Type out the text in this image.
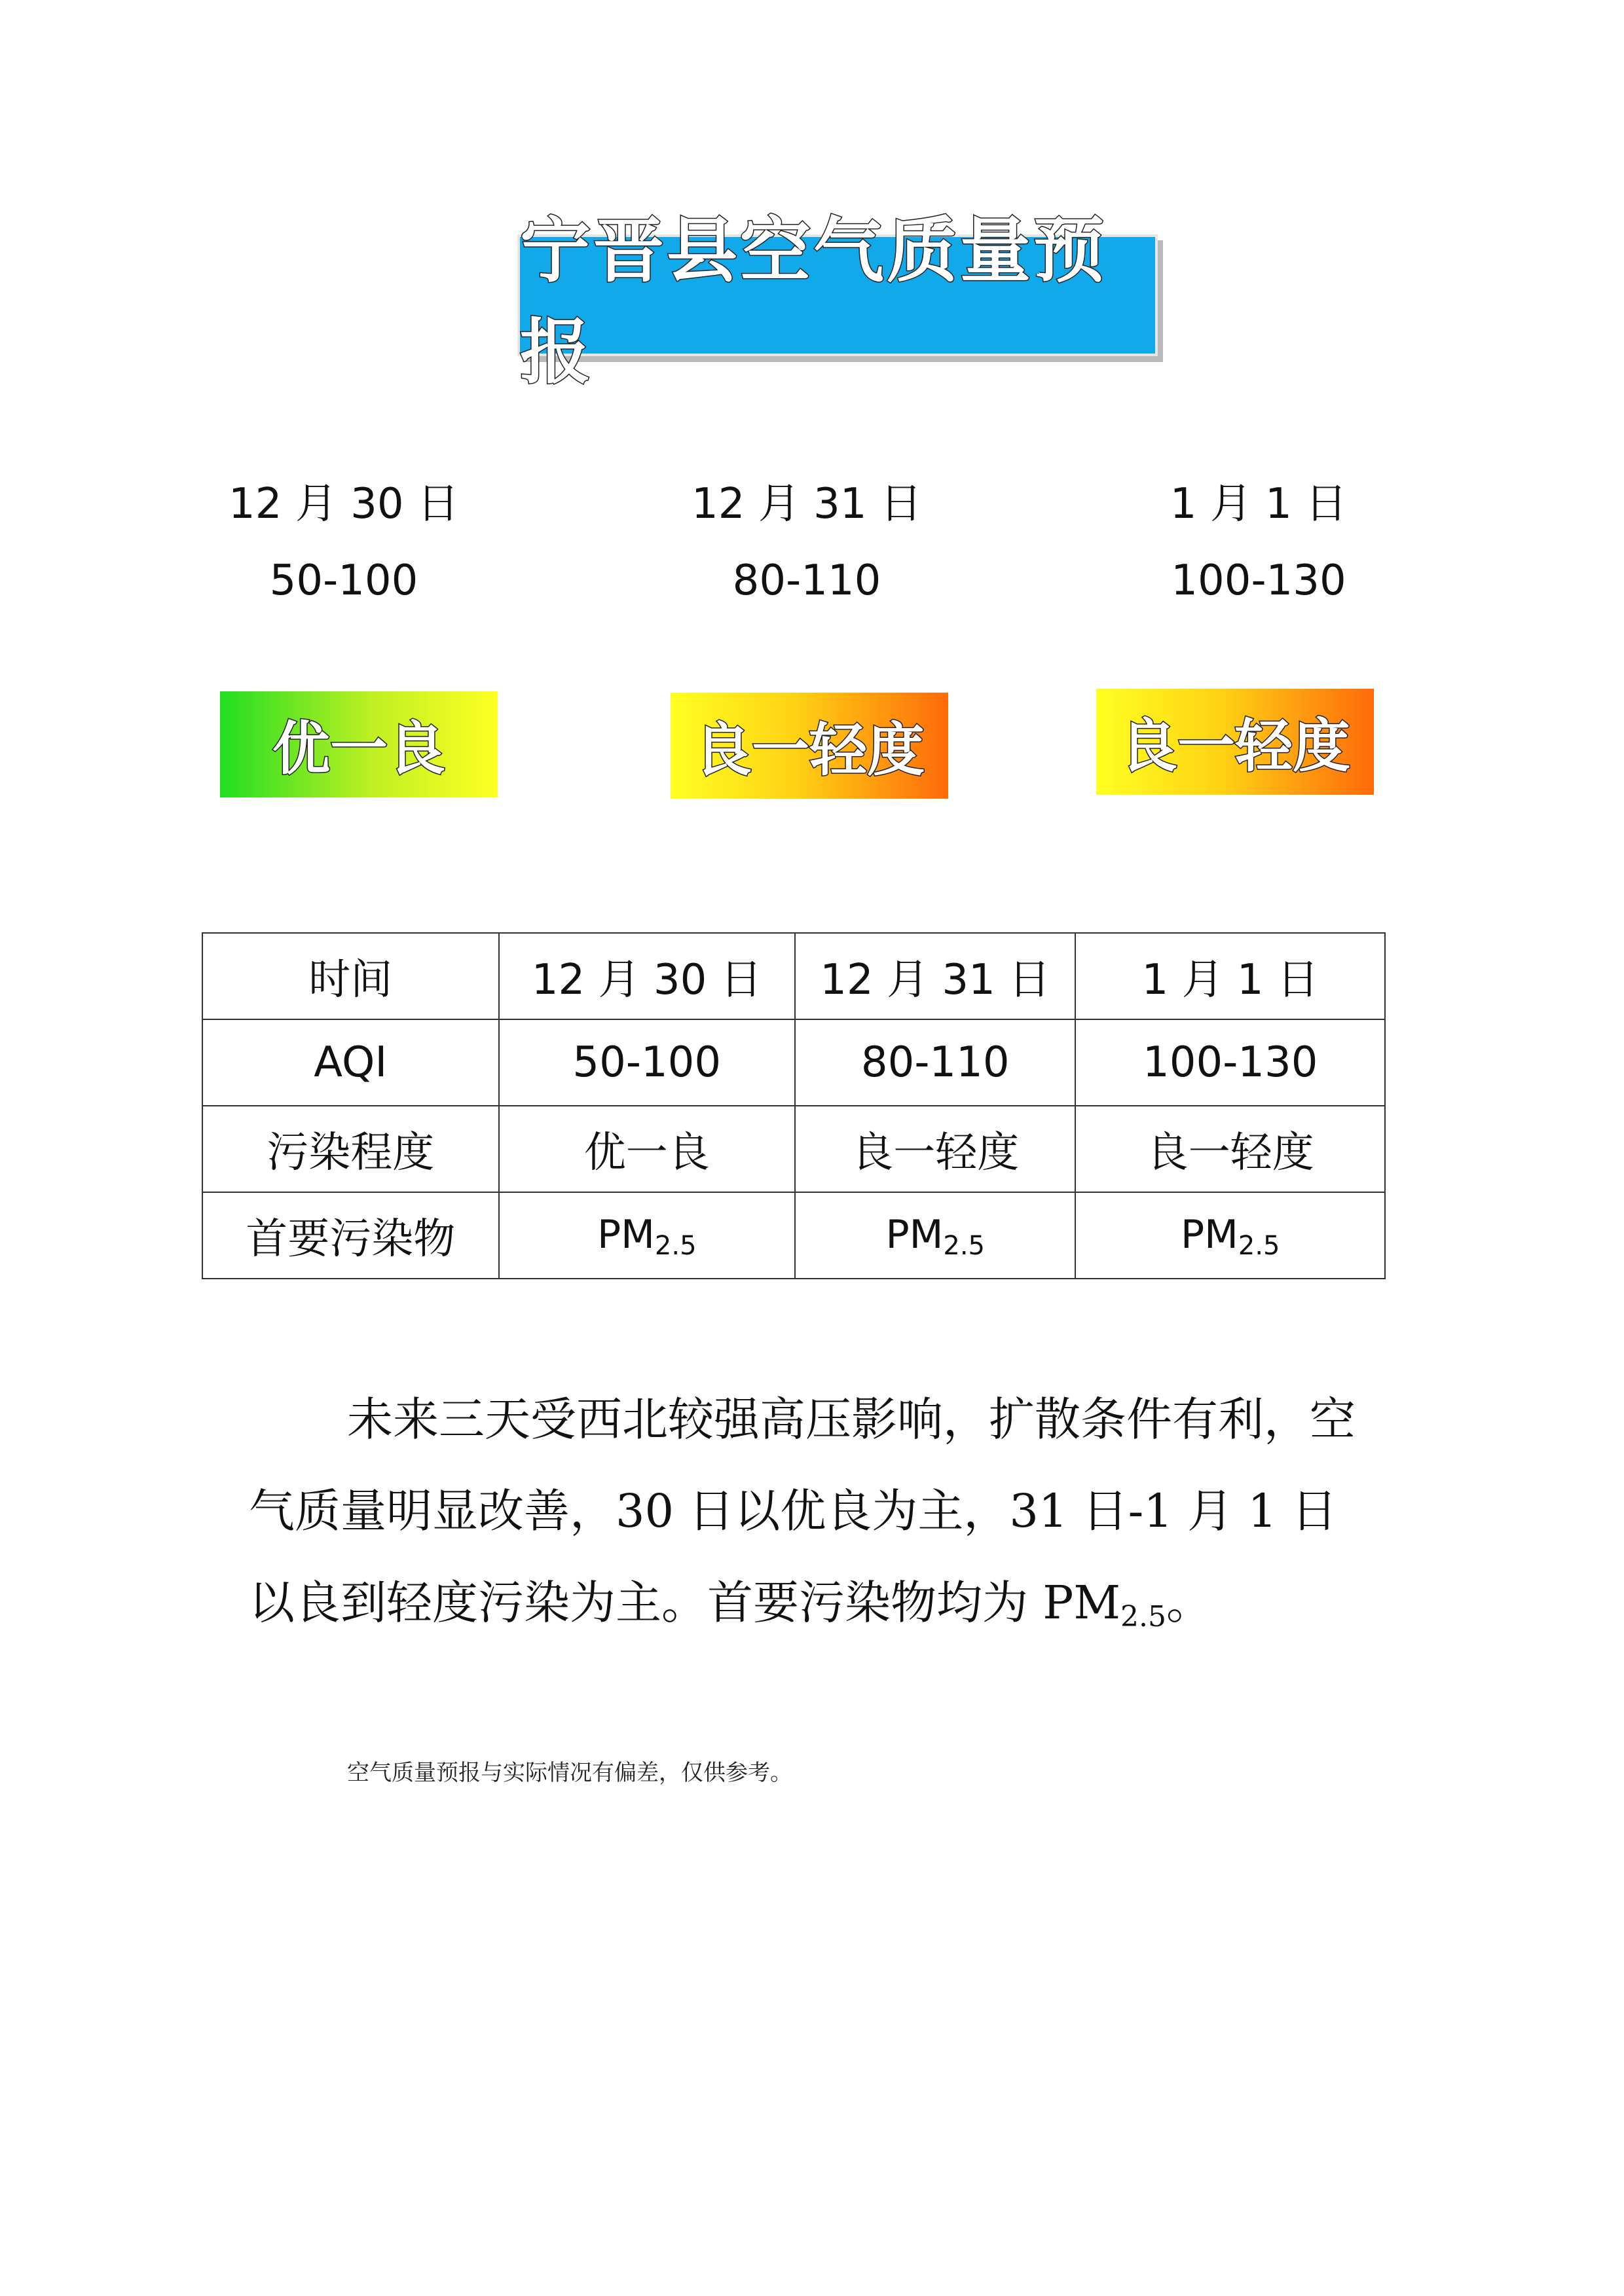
宁晋县空气质量预报
12 月 30 日
50-100
优一良
12 月 31 日
80-110
良一轻度
1 月 1 日
100-130
良一轻度
时间	12 月 30 日	12 月 31 日	1 月 1 日
AQI	50-100	80-110	100-130
污染程度	优一良	良一轻度	良一轻度
首要污染物	PM2.5	PM2.5	PM2.5
未来三天受西北较强高压影响，扩散条件有利，空气质量明显改善，30 日以优良为主，31 日-1 月 1 日以良到轻度污染为主。首要污染物均为 $PM_{2.5}$。
空气质量预报与实际情况有偏差，仅供参考。
